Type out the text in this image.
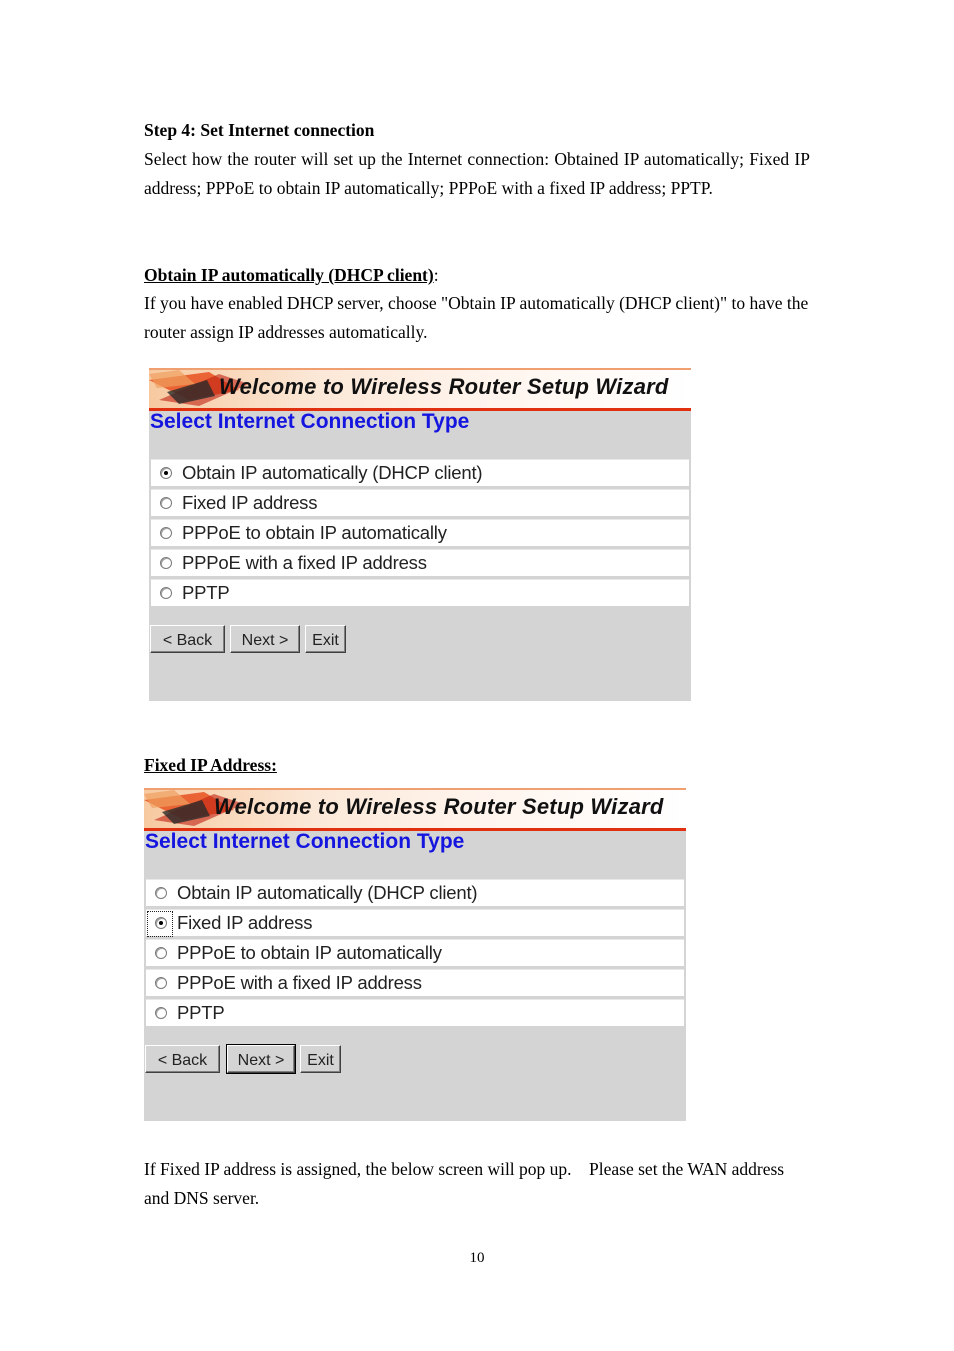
Step 4: Set Internet connection
Select how the router will set up the Internet connection: Obtained IP automatically; Fixed IP address; PPPoE to obtain IP automatically; PPPoE with a fixed IP address; PPTP.
Obtain IP automatically (DHCP client):
If you have enabled DHCP server, choose "Obtain IP automatically (DHCP client)" to have the router assign IP addresses automatically.
Welcome to Wireless Router Setup Wizard
Select Internet Connection Type
Obtain IP automatically (DHCP client)
Fixed IP address
PPPoE to obtain IP automatically
PPPoE with a fixed IP address
PPTP
< Back	Next >	Exit
Fixed IP Address:
Welcome to Wireless Router Setup Wizard
Select Internet Connection Type
Obtain IP automatically (DHCP client)
Fixed IP address
PPPoE to obtain IP automatically
PPPoE with a fixed IP address
PPTP
< Back	Next >	Exit
If Fixed IP address is assigned, the below screen will pop up.    Please set the WAN address and DNS server.
10
